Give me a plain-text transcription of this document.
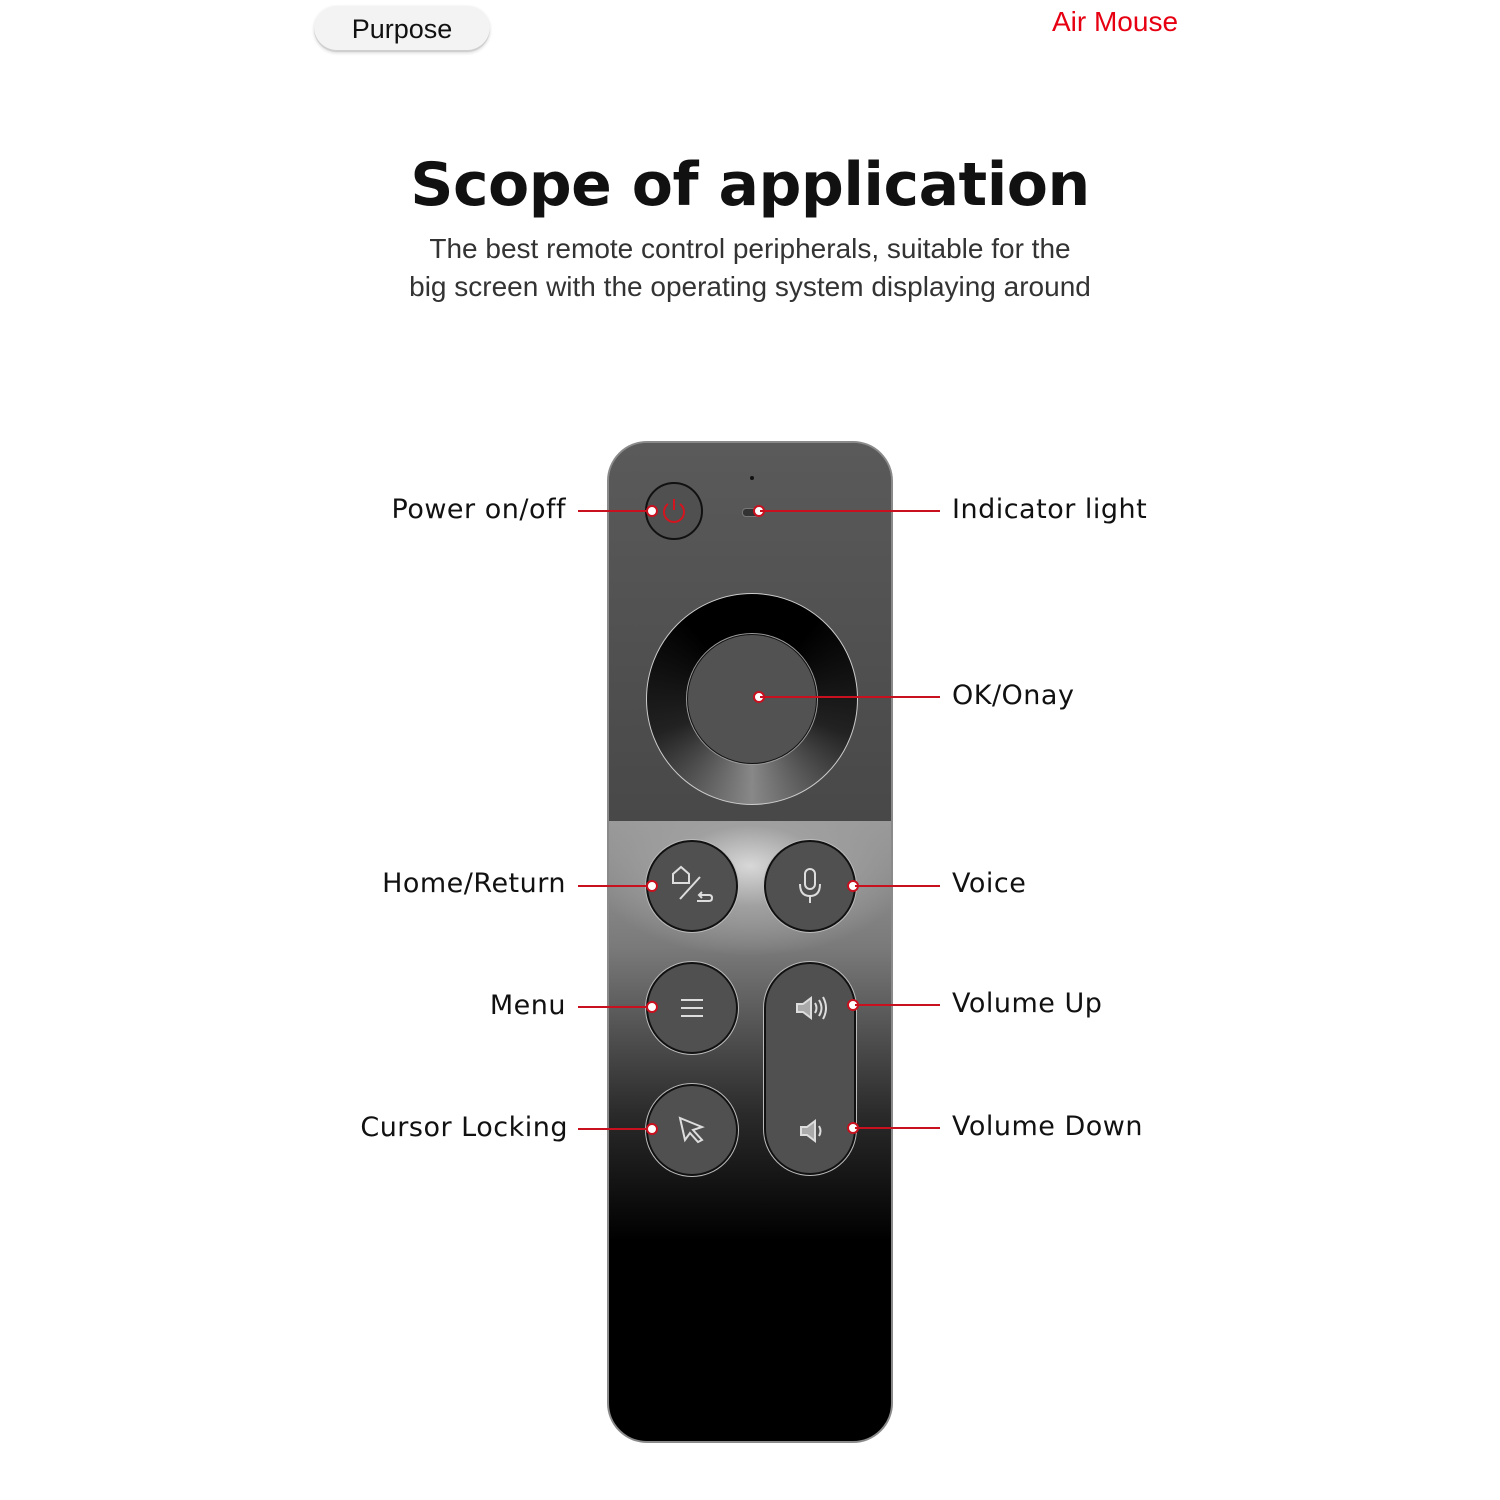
Purpose	Air Mouse
Scope of application
The best remote control peripherals, suitable for the
big screen with the operating system displaying around
Power on/off
Home/Return
Menu
Cursor Locking
Indicator light
OK/Onay
Voice
Volume Up
Volume Down
